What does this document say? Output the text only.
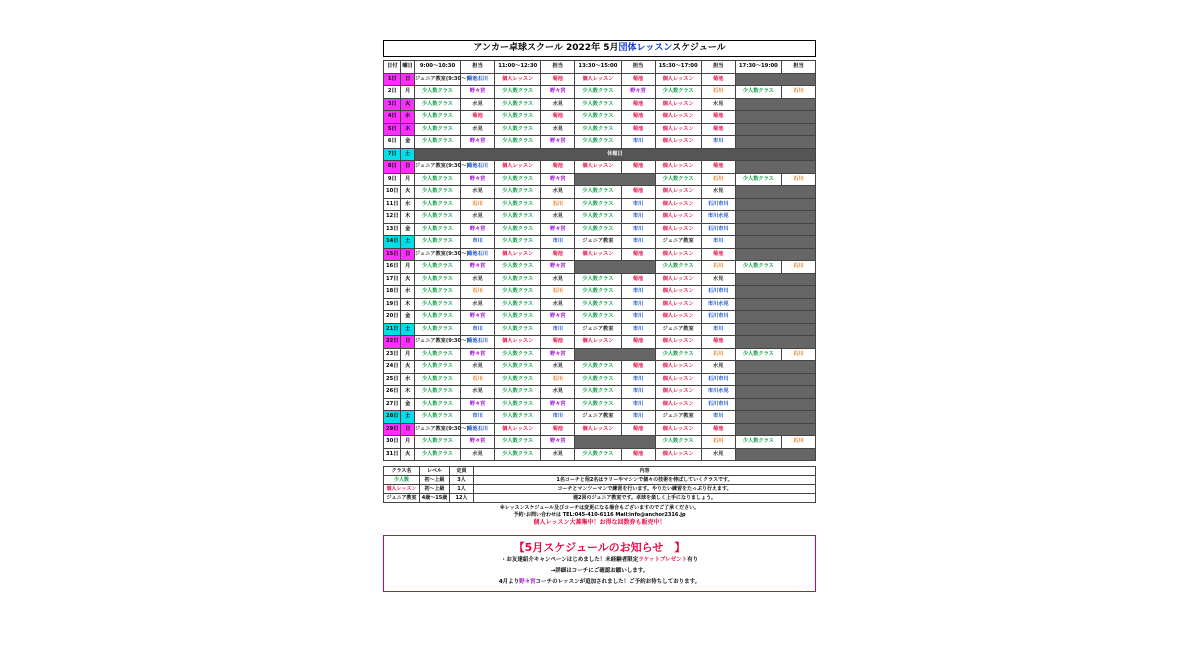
アンカー卓球スクール 2022年 5月団体レッスンスケジュール
日付	曜日	9:00〜10:30	担当	11:00〜12:30	担当	13:30〜15:00	担当	15:30〜17:00	担当	17:30〜19:00	担当
1日	日	ジュニア教室(9:30〜)	菊池石川	個人レッスン	菊池	個人レッスン	菊池	個人レッスン	菊池		
2日	月	少人数クラス	野々宮	少人数クラス	野々宮	少人数クラス	野々宮	少人数クラス	石川	少人数クラス	石川
3日	火	少人数クラス	水見	少人数クラス	水見	少人数クラス	菊池	個人レッスン	水見		
4日	水	少人数クラス	菊池	少人数クラス	菊池	少人数クラス	菊池	個人レッスン	菊池		
5日	木	少人数クラス	水見	少人数クラス	水見	少人数クラス	菊池	個人レッスン	菊池		
6日	金	少人数クラス	野々宮	少人数クラス	野々宮	少人数クラス	市川	個人レッスン	市川		
7日	土	休館日									
8日	日	ジュニア教室(9:30〜)	菊池石川	個人レッスン	菊池	個人レッスン	菊池	個人レッスン	菊池		
9日	月	少人数クラス	野々宮	少人数クラス	野々宮			少人数クラス	石川	少人数クラス	石川
10日	火	少人数クラス	水見	少人数クラス	水見	少人数クラス	菊池	個人レッスン	水見		
11日	水	少人数クラス	石川	少人数クラス	石川	少人数クラス	市川	個人レッスン	石川市川		
12日	木	少人数クラス	水見	少人数クラス	水見	少人数クラス	市川	個人レッスン	市川水見		
13日	金	少人数クラス	野々宮	少人数クラス	野々宮	少人数クラス	市川	個人レッスン	石川市川		
14日	土	少人数クラス	市川	少人数クラス	市川	ジュニア教室	市川	ジュニア教室	市川		
15日	日	ジュニア教室(9:30〜)	菊池石川	個人レッスン	菊池	個人レッスン	菊池	個人レッスン	菊池		
16日	月	少人数クラス	野々宮	少人数クラス	野々宮			少人数クラス	石川	少人数クラス	石川
17日	火	少人数クラス	水見	少人数クラス	水見	少人数クラス	菊池	個人レッスン	水見		
18日	水	少人数クラス	石川	少人数クラス	石川	少人数クラス	市川	個人レッスン	石川市川		
19日	木	少人数クラス	水見	少人数クラス	水見	少人数クラス	市川	個人レッスン	市川水見		
20日	金	少人数クラス	野々宮	少人数クラス	野々宮	少人数クラス	市川	個人レッスン	石川市川		
21日	土	少人数クラス	市川	少人数クラス	市川	ジュニア教室	市川	ジュニア教室	市川		
22日	日	ジュニア教室(9:30〜)	菊池石川	個人レッスン	菊池	個人レッスン	菊池	個人レッスン	菊池		
23日	月	少人数クラス	野々宮	少人数クラス	野々宮			少人数クラス	石川	少人数クラス	石川
24日	火	少人数クラス	水見	少人数クラス	水見	少人数クラス	菊池	個人レッスン	水見		
25日	水	少人数クラス	石川	少人数クラス	石川	少人数クラス	市川	個人レッスン	石川市川		
26日	木	少人数クラス	水見	少人数クラス	水見	少人数クラス	市川	個人レッスン	市川水見		
27日	金	少人数クラス	野々宮	少人数クラス	野々宮	少人数クラス	市川	個人レッスン	石川市川		
28日	土	少人数クラス	市川	少人数クラス	市川	ジュニア教室	市川	ジュニア教室	市川		
29日	日	ジュニア教室(9:30〜)	菊池石川	個人レッスン	菊池	個人レッスン	菊池	個人レッスン	菊池		
30日	月	少人数クラス	野々宮	少人数クラス	野々宮			少人数クラス	石川	少人数クラス	石川
31日	火	少人数クラス	水見	少人数クラス	水見	少人数クラス	菊池	個人レッスン	水見		
クラス名	レベル	定員	内容
少人数	初〜上級	3人	1名コーチと他2名はラリーやマシンで個々の技術を伸ばしていくクラスです。
個人レッスン	初〜上級	1人	コーチとマンツーマンで練習を行います。やりたい練習をたっぷり行えます。
ジュニア教室	4歳〜15歳	12人	週2回のジュニア教室です。卓球を楽しく上手になりましょう。
※レッスンスケジュール及びコーチは変更になる場合もございますのでご了承ください。
予約･お問い合わせは TEL:045-410-6116 Mail:info@anchor2316.jp
個人レッスン大募集中！お得な回数券も販売中！
【5月スケジュールのお知らせ　】
・お友達紹介キャンペーンはじめました！未経験者限定ラケットプレゼント有り
→詳細はコーチにご確認お願いします。
4月より野々宮コーチのレッスンが追加されました！ご予約お待ちしております。
